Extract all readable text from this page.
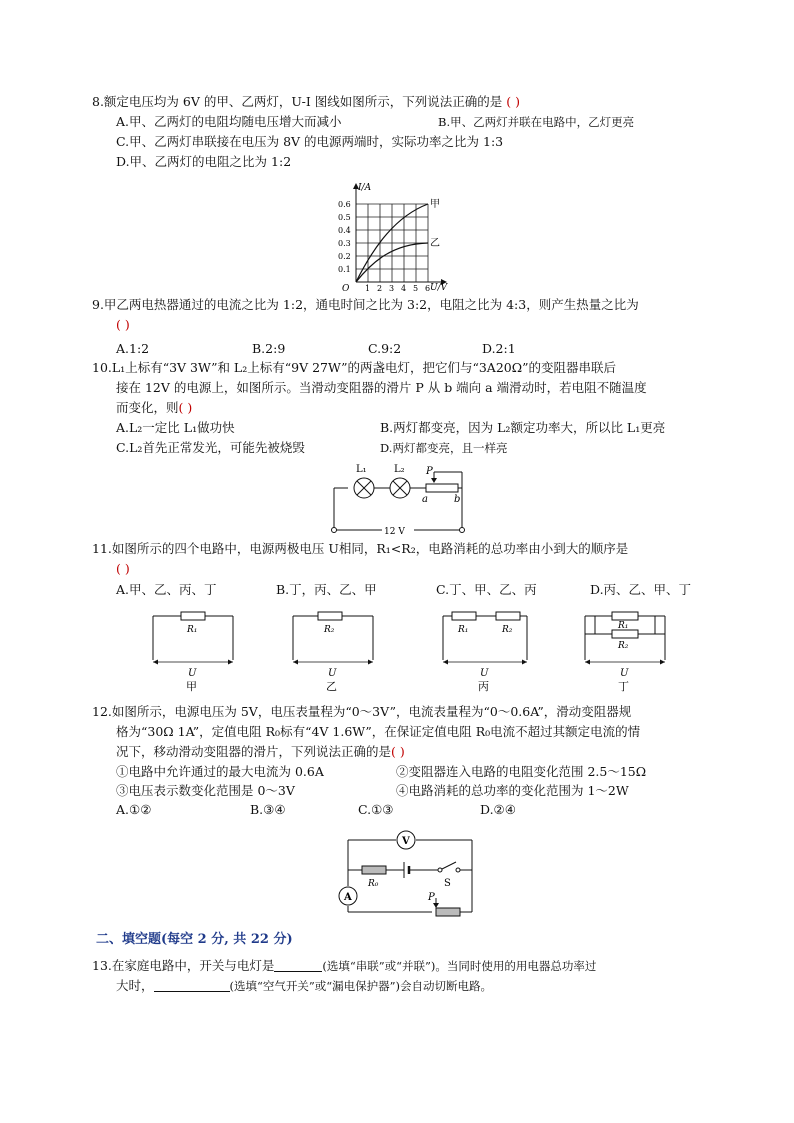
8.额定电压均为 6V 的甲、乙两灯，U-I 图线如图所示，下列说法正确的是 ( )
A.甲、乙两灯的电阻均随电压增大而减小	B.甲、乙两灯并联在电路中，乙灯更亮
C.甲、乙两灯串联接在电压为 8V 的电源两端时，实际功率之比为 1:3
D.甲、乙两灯的电阻之比为 1:2
I/A
U/V
O
0.6
0.5
0.4
0.3
0.2
0.1
1 2 3 4 5 6
甲
乙
9.甲乙两电热器通过的电流之比为 1:2，通电时间之比为 3:2，电阻之比为 4:3，则产生热量之比为
( )
A.1:2	B.2:9	C.9:2	D.2:1
10.L₁上标有“3V 3W”和 L₂上标有“9V 27W”的两盏电灯，把它们与“3A20Ω”的变阻器串联后
接在 12V 的电源上，如图所示。当滑动变阻器的滑片 P 从 b 端向 a 端滑动时，若电阻不随温度
而变化，则( )
A.L₂一定比 L₁做功快	B.两灯都变亮，因为 L₂额定功率大，所以比 L₁更亮
C.L₂首先正常发光，可能先被烧毁	D.两灯都变亮，且一样亮
L₁	L₂ P
a	b
12 V
11.如图所示的四个电路中，电源两极电压 U相同，R₁<R₂，电路消耗的总功率由小到大的顺序是
( )
A.甲、乙、丙、丁	B.丁，丙、乙、甲	C.丁、甲、乙、丙	D.丙、乙、甲、丁
R₁
U
甲
R₂
U
乙
R₁	R₂
U
丙
R₁
R₂
U
丁
12.如图所示，电源电压为 5V，电压表量程为“0～3V”，电流表量程为“0～0.6A”，滑动变阻器规
格为“30Ω 1A”，定值电阻 R₀标有“4V 1.6W”，在保证定值电阻 R₀电流不超过其额定电流的情
况下，移动滑动变阻器的滑片，下列说法正确的是( )
①电路中允许通过的最大电流为 0.6A	②变阻器连入电路的电阻变化范围 2.5～15Ω
③电压表示数变化范围是 0～3V	④电路消耗的总功率的变化范围为 1～2W
A.①②	B.③④	C.①③	D.②④
V
A
R₀	S
P
二、填空题(每空 2 分, 共 22 分)
13.在家庭电路中，开关与电灯是	(选填“串联”或“并联”)。当同时使用的用电器总功率过
大时，	(选填“空气开关”或“漏电保护器”)会自动切断电路。
